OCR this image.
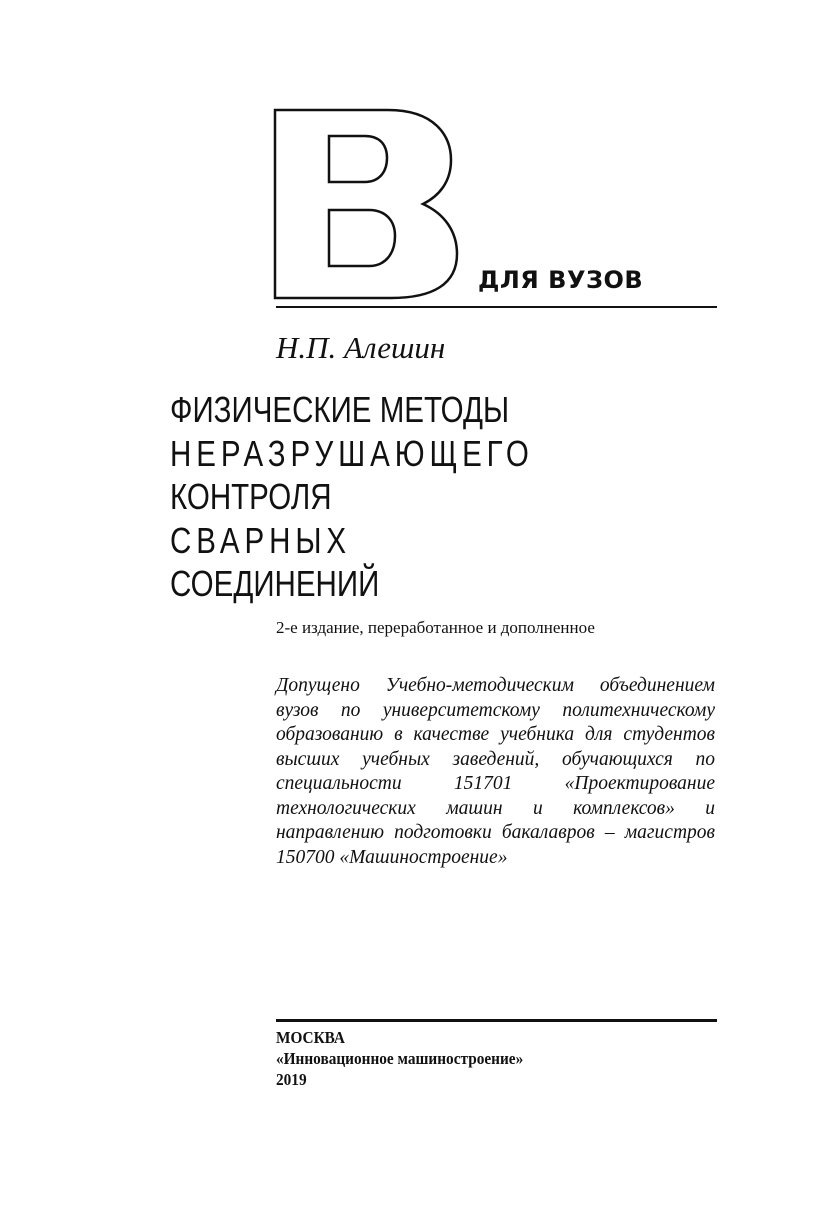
ДЛЯ ВУЗОВ
Н.П. Алешин
ФИЗИЧЕСКИЕ МЕТОДЫ
НЕРАЗРУШАЮЩЕГО
КОНТРОЛЯ
СВАРНЫХ
СОЕДИНЕНИЙ
2-е издание, переработанное и дополненное
Допущено Учебно-методическим объединением вузов по университетскому политехническому образованию в качестве учебника для студентов высших учебных заведений, обучающихся по специальности 151701 «Проектирование технологических машин и комплексов» и направлению подготовки бакалавров – магистров 150700 «Машиностроение»
МОСКВА
«Инновационное машиностроение»
2019
